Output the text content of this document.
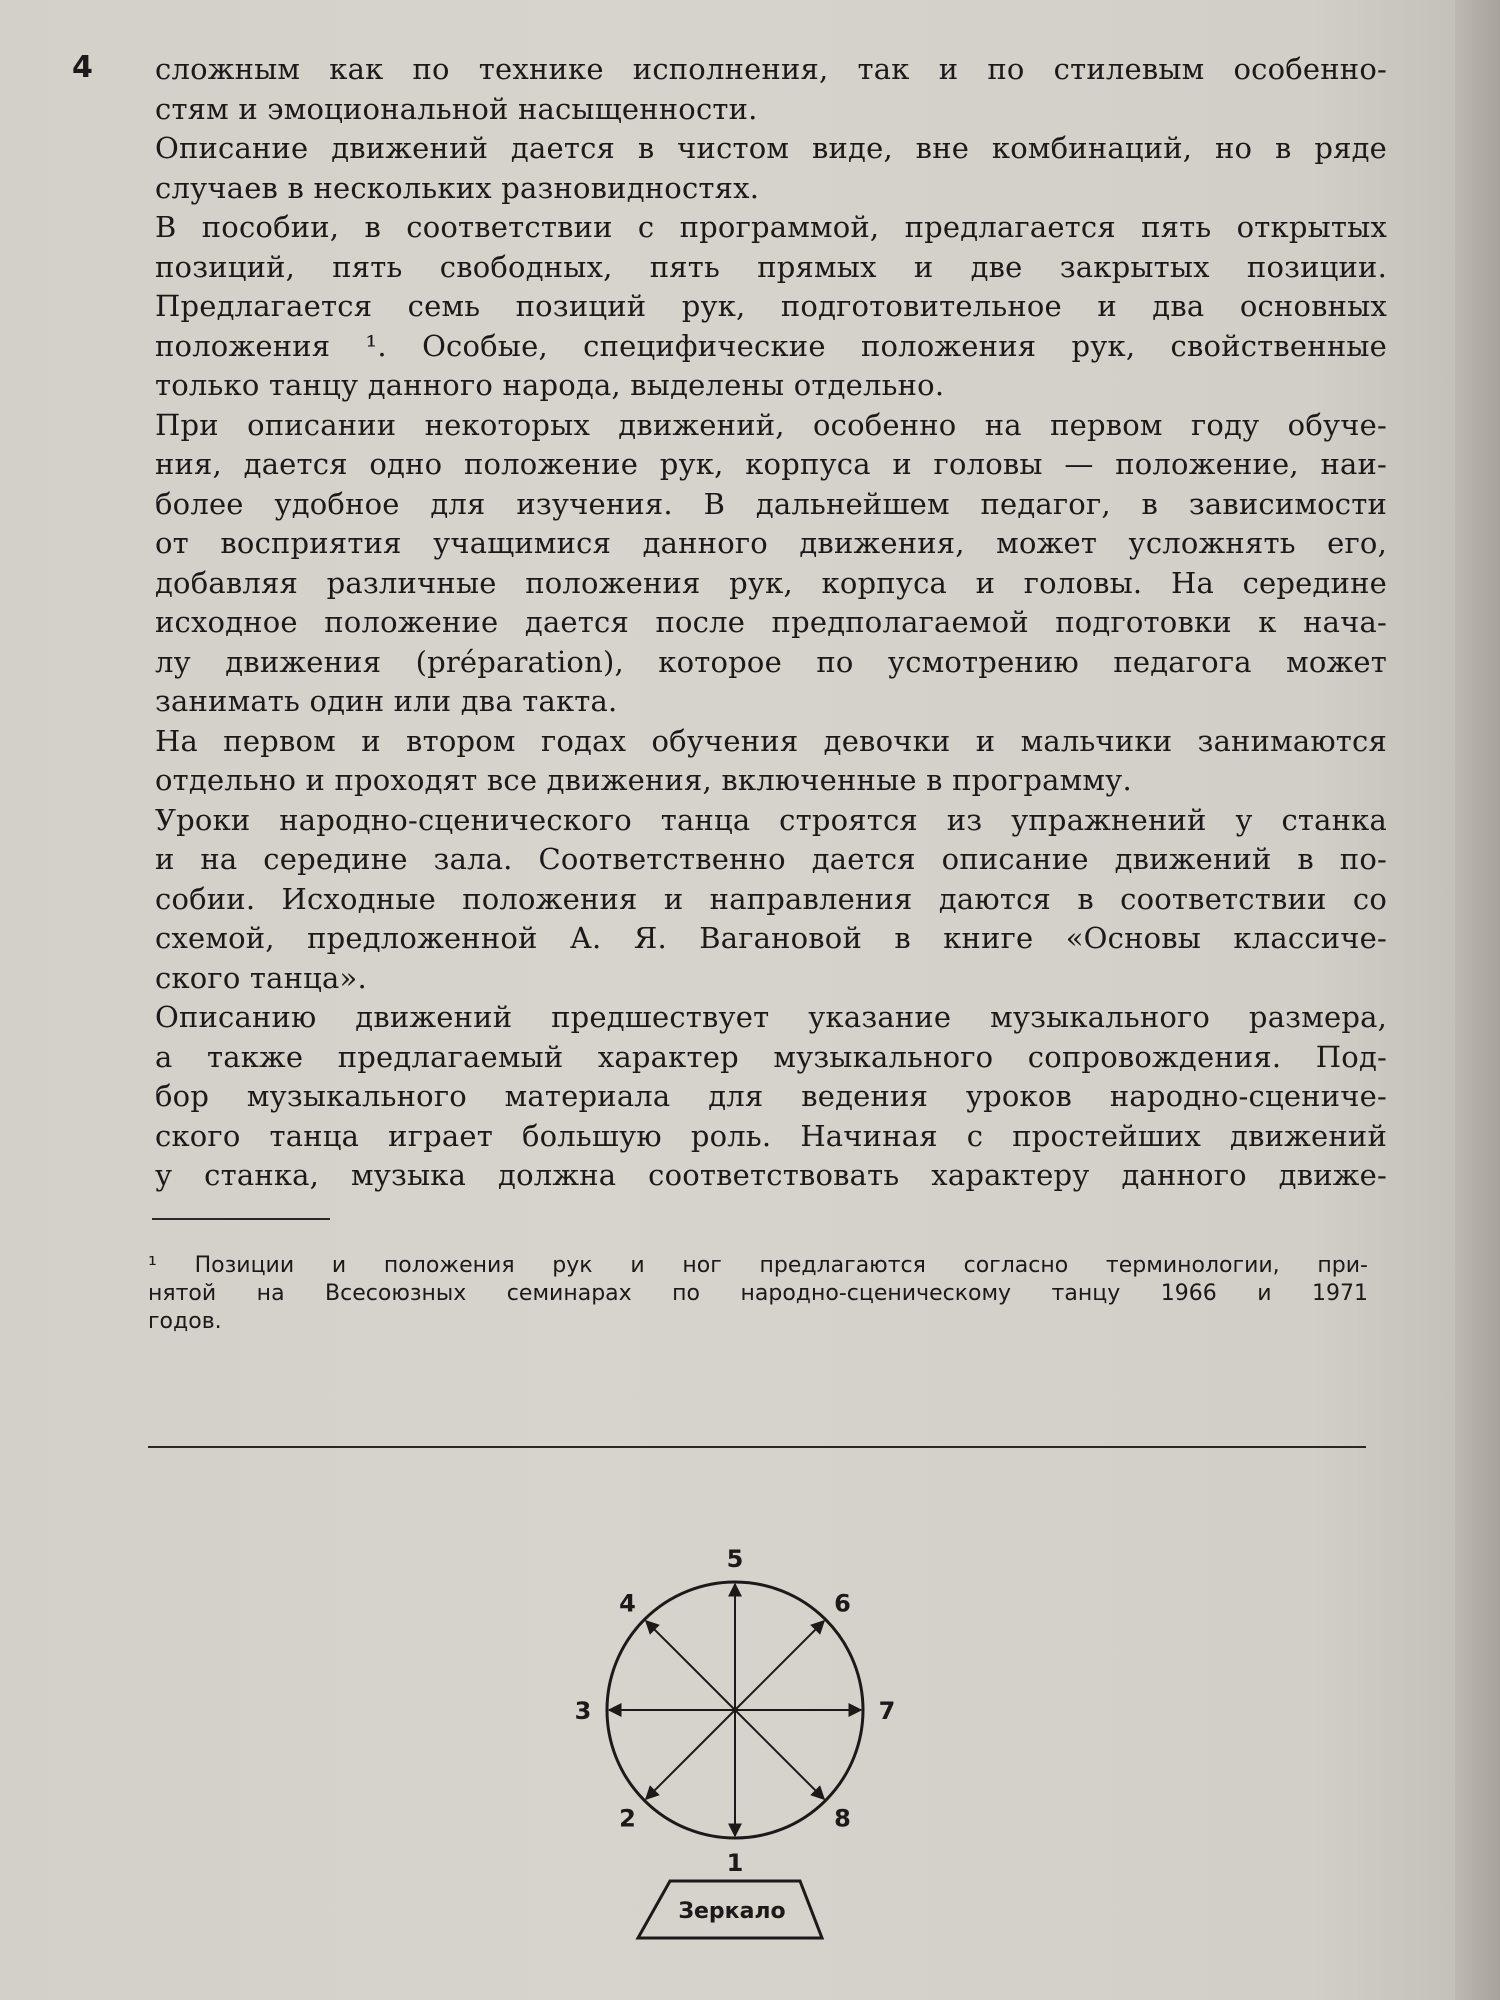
4 сложным как по технике исполнения, так и по стилевым особенно-
стям и эмоциональной насыщенности.
Описание движений дается в чистом виде, вне комбинаций, но в ряде
случаев в нескольких разновидностях.
В пособии, в соответствии с программой, предлагается пять открытых
позиций, пять свободных, пять прямых и две закрытых позиции.
Предлагается семь позиций рук, подготовительное и два основных
положения ¹. Особые, специфические положения рук, свойственные
только танцу данного народа, выделены отдельно.
При описании некоторых движений, особенно на первом году обуче-
ния, дается одно положение рук, корпуса и головы — положение, наи-
более удобное для изучения. В дальнейшем педагог, в зависимости
от восприятия учащимися данного движения, может усложнять его,
добавляя различные положения рук, корпуса и головы. На середине
исходное положение дается после предполагаемой подготовки к нача-
лу движения (préparation), которое по усмотрению педагога может
занимать один или два такта.
На первом и втором годах обучения девочки и мальчики занимаются
отдельно и проходят все движения, включенные в программу.
Уроки народно-сценического танца строятся из упражнений у станка
и на середине зала. Соответственно дается описание движений в по-
собии. Исходные положения и направления даются в соответствии со
схемой, предложенной А. Я. Вагановой в книге «Основы классиче-
ского танца».
Описанию движений предшествует указание музыкального размера,
а также предлагаемый характер музыкального сопровождения. Под-
бор музыкального материала для ведения уроков народно-сцениче-
ского танца играет большую роль. Начиная с простейших движений
у станка, музыка должна соответствовать характеру данного движе-
¹ Позиции и положения рук и ног предлагаются согласно терминологии, при-
нятой на Всесоюзных семинарах по народно-сценическому танцу 1966 и 1971
годов.
1
2
3
4
5
6
7
8
Зеркало
